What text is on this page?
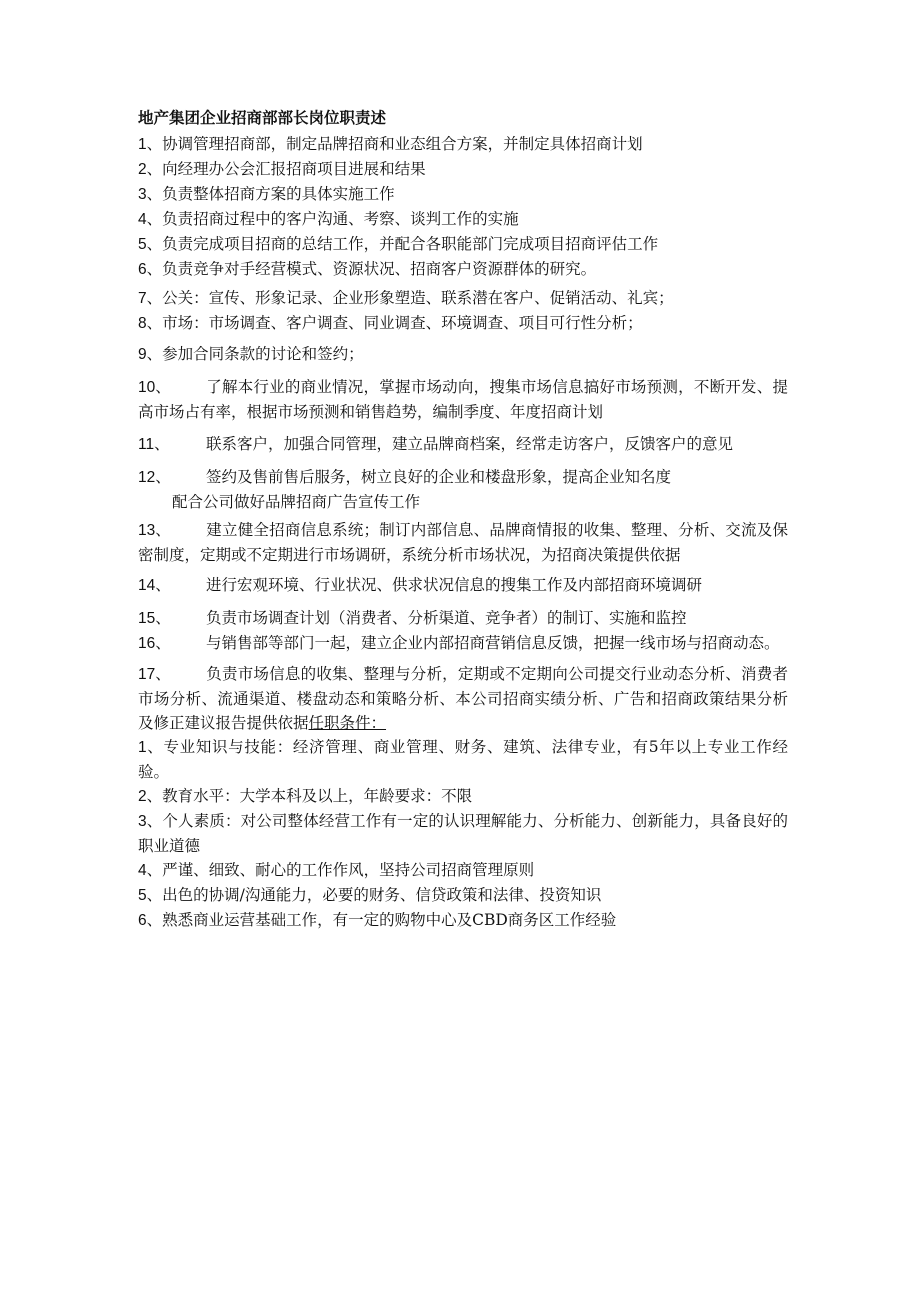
地产集团企业招商部部长岗位职责述

1、协调管理招商部，制定品牌招商和业态组合方案，并制定具体招商计划

2、向经理办公会汇报招商项目进展和结果

3、负责整体招商方案的具体实施工作

4、负责招商过程中的客户沟通、考察、谈判工作的实施

5、负责完成项目招商的总结工作，并配合各职能部门完成项目招商评估工作

6、负责竞争对手经营模式、资源状况、招商客户资源群体的研究。

7、公关：宣传、形象记录、企业形象塑造、联系潜在客户、促销活动、礼宾；

8、市场：市场调查、客户调查、同业调查、环境调查、项目可行性分析；

9、参加合同条款的讨论和签约；

10、 了解本行业的商业情况，掌握市场动向，搜集市场信息搞好市场预测，不断开发、提高市场占有率，根据市场预测和销售趋势，编制季度、年度招商计划

11、 联系客户，加强合同管理，建立品牌商档案，经常走访客户，反馈客户的意见

12、 签约及售前售后服务，树立良好的企业和楼盘形象，提高企业知名度

配合公司做好品牌招商广告宣传工作

13、 建立健全招商信息系统；制订内部信息、品牌商情报的收集、整理、分析、交流及保密制度，定期或不定期进行市场调研，系统分析市场状况，为招商决策提供依据

14、 进行宏观环境、行业状况、供求状况信息的搜集工作及内部招商环境调研

15、 负责市场调查计划（消费者、分析渠道、竞争者）的制订、实施和监控

16、 与销售部等部门一起，建立企业内部招商营销信息反馈，把握一线市场与招商动态。

17、 负责市场信息的收集、整理与分析，定期或不定期向公司提交行业动态分析、消费者市场分析、流通渠道、楼盘动态和策略分析、本公司招商实绩分析、广告和招商政策结果分析及修正建议报告提供依据任职条件：

1、专业知识与技能：经济管理、商业管理、财务、建筑、法律专业，有5年以上专业工作经验。

2、教育水平：大学本科及以上，年龄要求：不限

3、个人素质：对公司整体经营工作有一定的认识理解能力、分析能力、创新能力，具备良好的职业道德

4、严谨、细致、耐心的工作作风，坚持公司招商管理原则

5、出色的协调/沟通能力，必要的财务、信贷政策和法律、投资知识

6、熟悉商业运营基础工作，有一定的购物中心及CBD商务区工作经验
